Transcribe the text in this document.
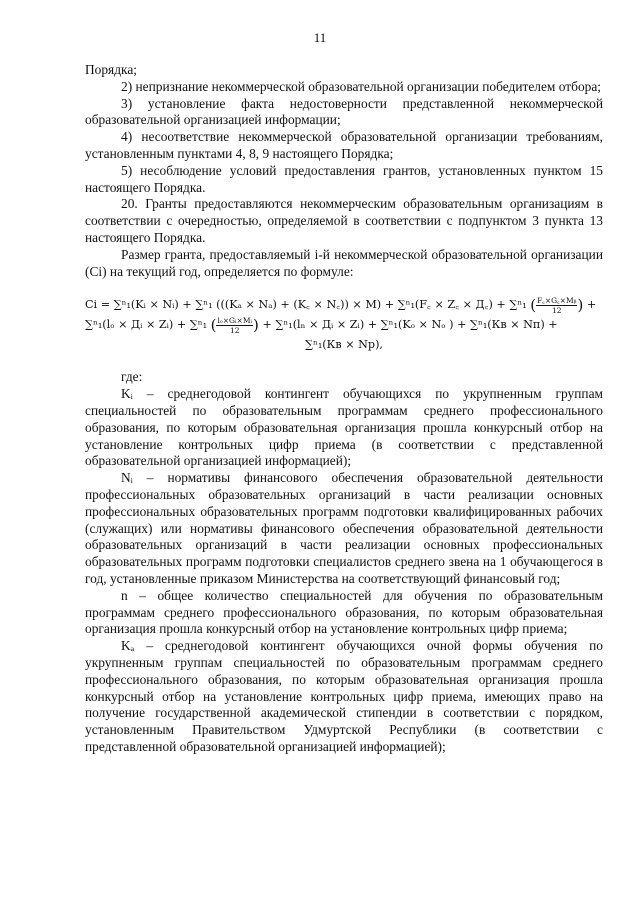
11

Порядка;

2) непризнание некоммерческой образовательной организации победителем отбора;

3) установление факта недостоверности представленной некоммерческой образовательной организацией информации;

4) несоответствие некоммерческой образовательной организации требованиям, установленным пунктами 4, 8, 9 настоящего Порядка;

5) несоблюдение условий предоставления грантов, установленных пунктом 15 настоящего Порядка.

20. Гранты предоставляются некоммерческим образовательным организациям в соответствии с очередностью, определяемой в соответствии с подпунктом 3 пункта 13 настоящего Порядка.

Размер гранта, предоставляемый i-й некоммерческой образовательной организации (Ci) на текущий год, определяется по формуле:

Ci = ∑ⁿ₁(Kᵢ × Nᵢ) + ∑ⁿ₁ (((Kₐ × Nₐ) + (K꜀ × N꜀)) × M) + ∑ⁿ₁(F꜀ × Z꜀ × Д꜀) + ∑ⁿ₁ ( $\frac{\text{F꜀×G꜀×Mᵦ}}{12}$ ) +
∑ⁿ₁(lₒ × Дᵢ × Zᵢ) + ∑ⁿ₁ ( $\frac{\text{lₒ×Gᵢ×Mᵢ}}{12}$ ) + ∑ⁿ₁(lₙ × Дᵢ × Zᵢ) + ∑ⁿ₁(Kₒ × Nₒ ) + ∑ⁿ₁(Кв × Nп) +
∑ⁿ₁(Кв × Nр),

где:

Kᵢ – среднегодовой контингент обучающихся по укрупненным группам специальностей по образовательным программам среднего профессионального образования, по которым образовательная организация прошла конкурсный отбор на установление контрольных цифр приема (в соответствии с представленной образовательной организацией информацией);

Nᵢ – нормативы финансового обеспечения образовательной деятельности профессиональных образовательных организаций в части реализации основных профессиональных образовательных программ подготовки квалифицированных рабочих (служащих) или нормативы финансового обеспечения образовательной деятельности образовательных организаций в части реализации основных профессиональных образовательных программ подготовки специалистов среднего звена на 1 обучающегося в год, установленные приказом Министерства на соответствующий финансовый год;

n – общее количество специальностей для обучения по образовательным программам среднего профессионального образования, по которым образовательная организация прошла конкурсный отбор на установление контрольных цифр приема;

Kₐ – среднегодовой контингент обучающихся очной формы обучения по укрупненным группам специальностей по образовательным программам среднего профессионального образования, по которым образовательная организация прошла конкурсный отбор на установление контрольных цифр приема, имеющих право на получение государственной академической стипендии в соответствии с порядком, установленным Правительством Удмуртской Республики (в соответствии с представленной образовательной организацией информацией);
